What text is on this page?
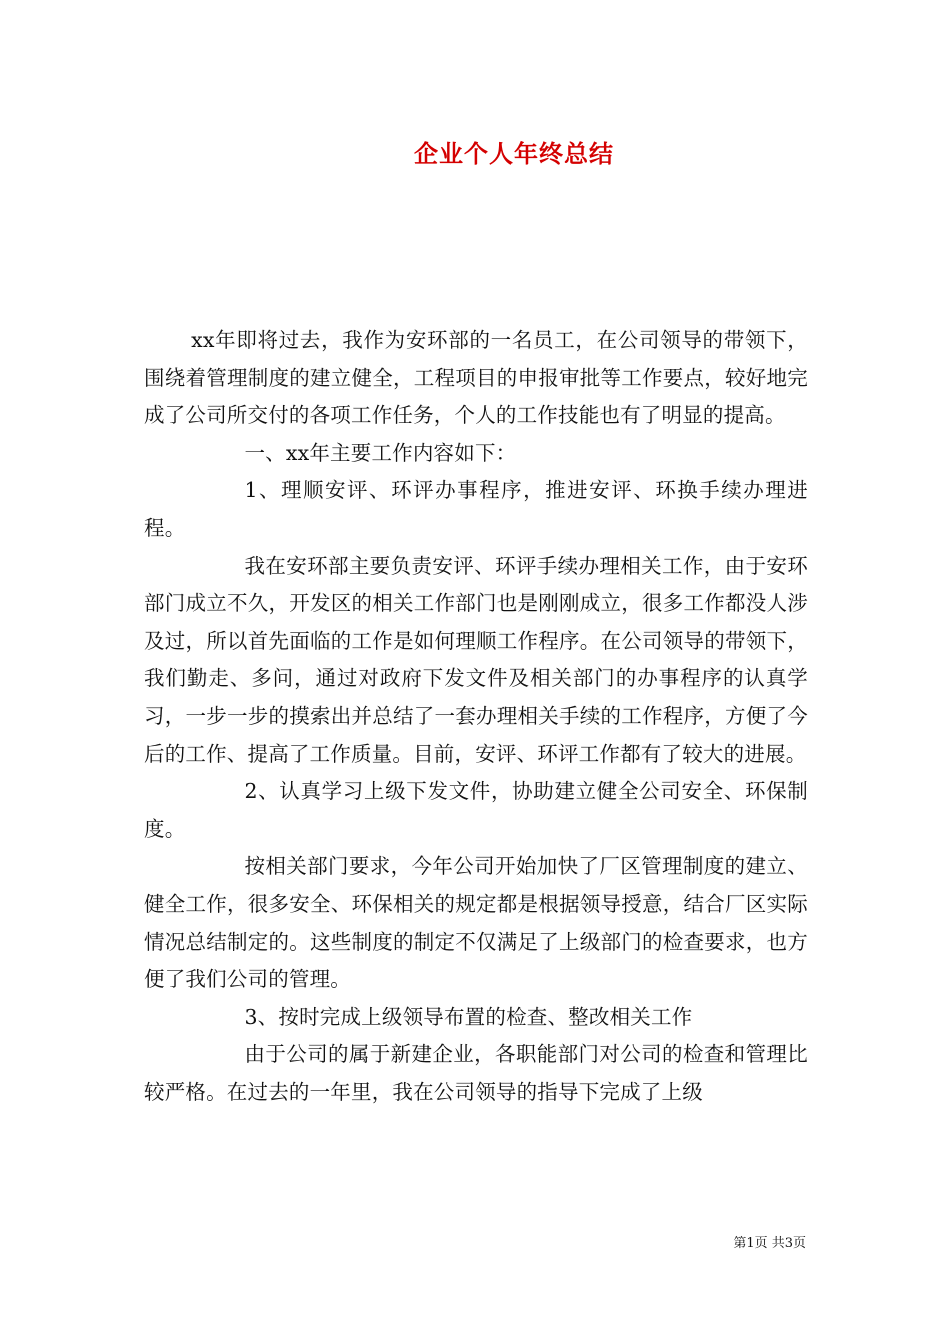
企业个人年终总结

xx年即将过去，我作为安环部的一名员工，在公司领导的带领下，围绕着管理制度的建立健全，工程项目的申报审批等工作要点，较好地完成了公司所交付的各项工作任务，个人的工作技能也有了明显的提高。

一、xx年主要工作内容如下：

1、理顺安评、环评办事程序，推进安评、环换手续办理进程。

我在安环部主要负责安评、环评手续办理相关工作，由于安环部门成立不久，开发区的相关工作部门也是刚刚成立，很多工作都没人涉及过，所以首先面临的工作是如何理顺工作程序。在公司领导的带领下，我们勤走、多问，通过对政府下发文件及相关部门的办事程序的认真学习，一步一步的摸索出并总结了一套办理相关手续的工作程序，方便了今后的工作、提高了工作质量。目前，安评、环评工作都有了较大的进展。

2、认真学习上级下发文件，协助建立健全公司安全、环保制度。

按相关部门要求，今年公司开始加快了厂区管理制度的建立、健全工作，很多安全、环保相关的规定都是根据领导授意，结合厂区实际情况总结制定的。这些制度的制定不仅满足了上级部门的检查要求，也方便了我们公司的管理。

3、按时完成上级领导布置的检查、整改相关工作

由于公司的属于新建企业，各职能部门对公司的检查和管理比较严格。在过去的一年里，我在公司领导的指导下完成了上级

第1页 共3页
